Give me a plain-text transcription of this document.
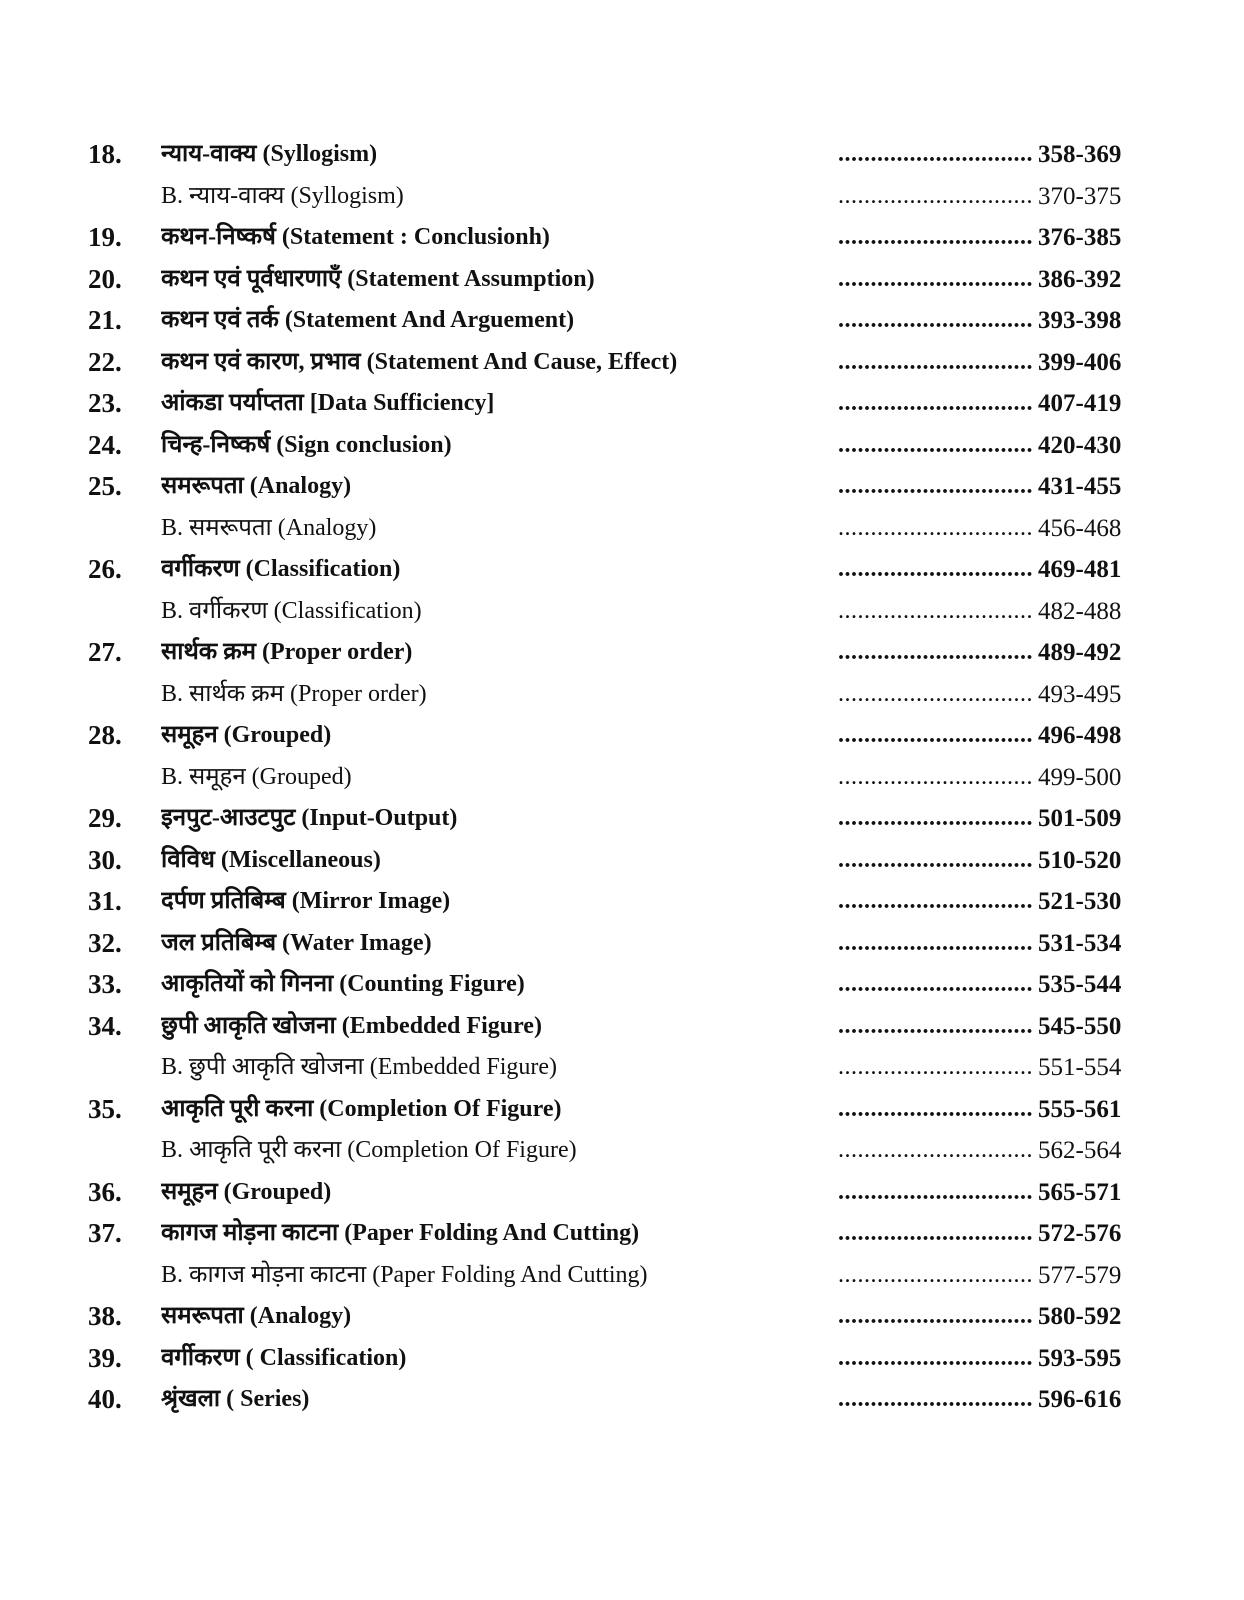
18.	न्याय-वाक्य (Syllogism)	.............................. 358-369
B. न्याय-वाक्य (Syllogism)	.............................. 370-375
19.	कथन-निष्कर्ष (Statement : Conclusionh)	.............................. 376-385
20.	कथन एवं पूर्वधारणाएँ (Statement Assumption)	.............................. 386-392
21.	कथन एवं तर्क (Statement And Arguement)	.............................. 393-398
22.	कथन एवं कारण, प्रभाव (Statement And Cause, Effect)	.............................. 399-406
23.	आंकडा पर्याप्तता [Data Sufficiency]	.............................. 407-419
24.	चिन्ह-निष्कर्ष (Sign conclusion)	.............................. 420-430
25.	समरूपता (Analogy)	.............................. 431-455
B. समरूपता (Analogy)	.............................. 456-468
26.	वर्गीकरण (Classification)	.............................. 469-481
B. वर्गीकरण (Classification)	.............................. 482-488
27.	सार्थक क्रम (Proper order)	.............................. 489-492
B. सार्थक क्रम (Proper order)	.............................. 493-495
28.	समूहन (Grouped)	.............................. 496-498
B. समूहन (Grouped)	.............................. 499-500
29.	इनपुट-आउटपुट (Input-Output)	.............................. 501-509
30.	विविध (Miscellaneous)	.............................. 510-520
31.	दर्पण प्रतिबिम्ब (Mirror Image)	.............................. 521-530
32.	जल प्रतिबिम्ब (Water Image)	.............................. 531-534
33.	आकृतियों को गिनना (Counting Figure)	.............................. 535-544
34.	छुपी आकृति खोजना (Embedded Figure)	.............................. 545-550
B. छुपी आकृति खोजना (Embedded Figure)	.............................. 551-554
35.	आकृति पूरी करना (Completion Of Figure)	.............................. 555-561
B. आकृति पूरी करना (Completion Of Figure)	.............................. 562-564
36.	समूहन (Grouped)	.............................. 565-571
37.	कागज मोड़ना काटना (Paper Folding And Cutting)	.............................. 572-576
B. कागज मोड़ना काटना (Paper Folding And Cutting)	.............................. 577-579
38.	समरूपता (Analogy)	.............................. 580-592
39.	वर्गीकरण ( Classification)	.............................. 593-595
40.	श्रृंखला ( Series)	.............................. 596-616
